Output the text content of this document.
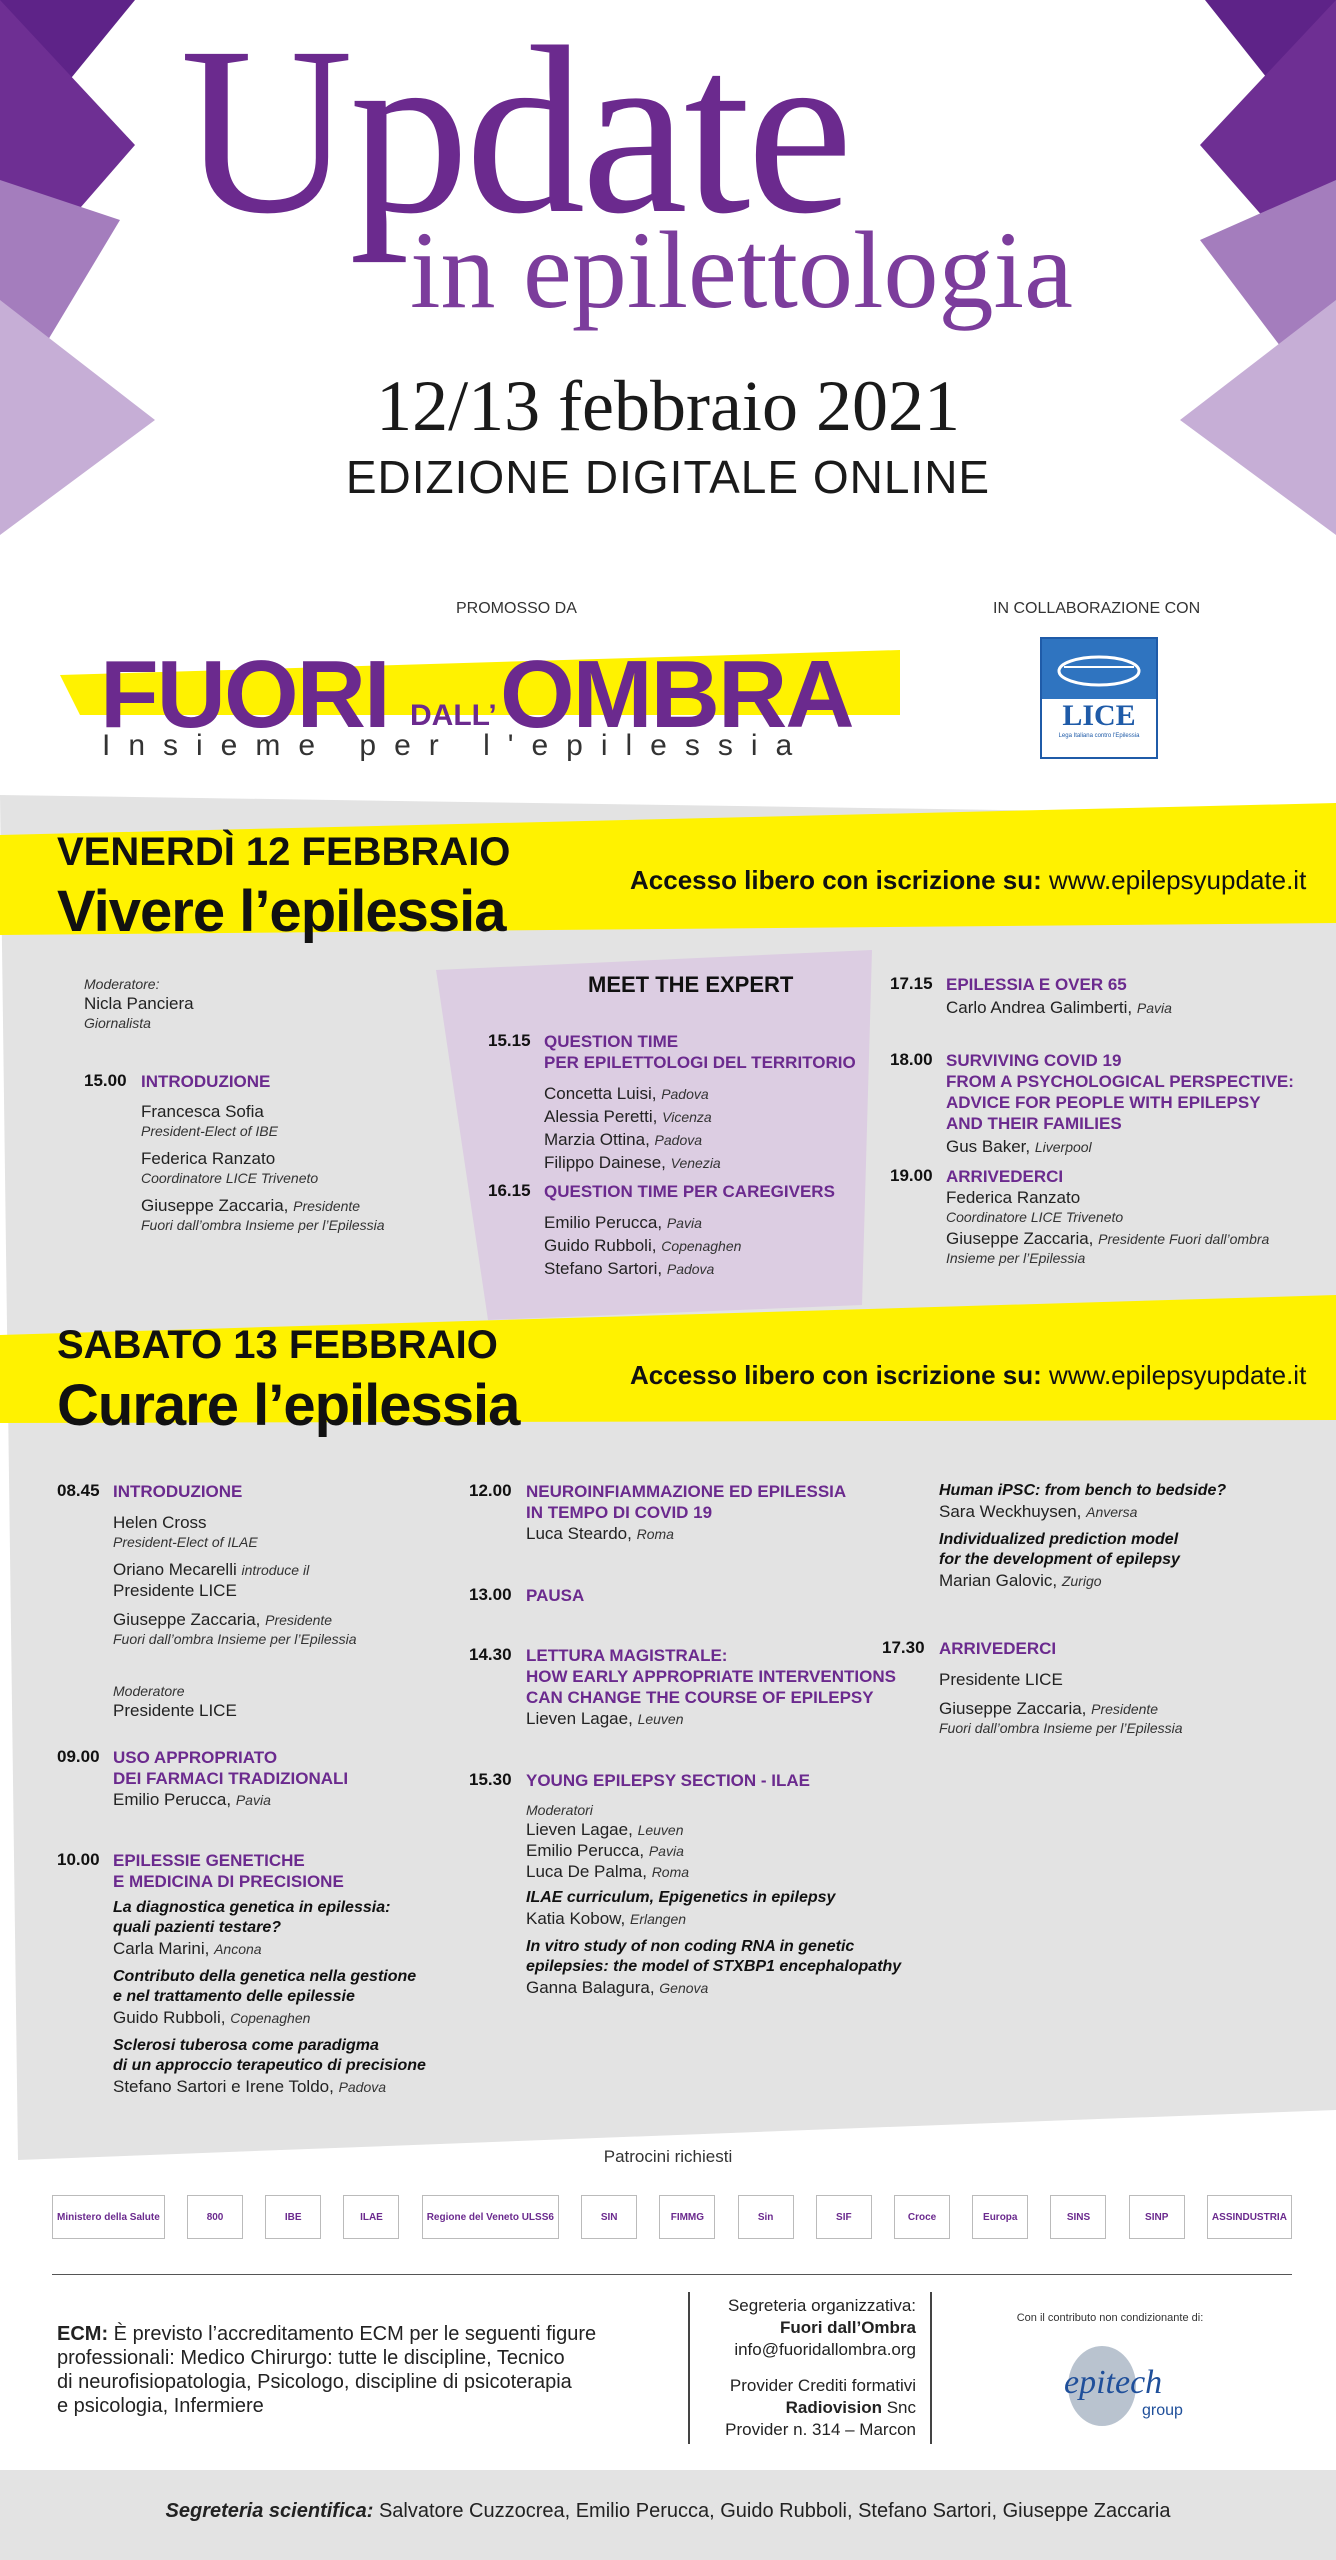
Update
in epilettologia
12/13 febbraio 2021
EDIZIONE DIGITALE ONLINE
PROMOSSO DA	IN COLLABORAZIONE CON
FUORI DALL’ OMBRA
Insieme per l'epilessia
LICE
Lega Italiana contro l'Epilessia
VENERDÌ 12 FEBBRAIO
Vivere l’epilessia	Accesso libero con iscrizione su: www.epilepsyupdate.it
Moderatore:
Nicla Panciera
Giornalista
15.00 INTRODUZIONE
Francesca Sofia
President-Elect of IBE
Federica Ranzato
Coordinatore LICE Triveneto
Giuseppe Zaccaria, Presidente
Fuori dall’ombra Insieme per l’Epilessia
MEET THE EXPERT
15.15 QUESTION TIME
PER EPILETTOLOGI DEL TERRITORIO
Concetta Luisi, Padova
Alessia Peretti, Vicenza
Marzia Ottina, Padova
Filippo Dainese, Venezia
16.15 QUESTION TIME PER CAREGIVERS
Emilio Perucca, Pavia
Guido Rubboli, Copenaghen
Stefano Sartori, Padova
17.15 EPILESSIA E OVER 65
Carlo Andrea Galimberti, Pavia
18.00 SURVIVING COVID 19
FROM A PSYCHOLOGICAL PERSPECTIVE:
ADVICE FOR PEOPLE WITH EPILEPSY
AND THEIR FAMILIES
Gus Baker, Liverpool
19.00 ARRIVEDERCI
Federica Ranzato
Coordinatore LICE Triveneto
Giuseppe Zaccaria, Presidente Fuori dall’ombra
Insieme per l’Epilessia
SABATO 13 FEBBRAIO
Curare l’epilessia	Accesso libero con iscrizione su: www.epilepsyupdate.it
08.45 INTRODUZIONE
Helen Cross
President-Elect of ILAE
Oriano Mecarelli introduce il
Presidente LICE
Giuseppe Zaccaria, Presidente
Fuori dall’ombra Insieme per l’Epilessia
Moderatore
Presidente LICE
09.00 USO APPROPRIATO
DEI FARMACI TRADIZIONALI
Emilio Perucca, Pavia
10.00 EPILESSIE GENETICHE
E MEDICINA DI PRECISIONE
La diagnostica genetica in epilessia:
quali pazienti testare?
Carla Marini, Ancona
Contributo della genetica nella gestione
e nel trattamento delle epilessie
Guido Rubboli, Copenaghen
Sclerosi tuberosa come paradigma
di un approccio terapeutico di precisione
Stefano Sartori e Irene Toldo, Padova
12.00 NEUROINFIAMMAZIONE ED EPILESSIA
IN TEMPO DI COVID 19
Luca Steardo, Roma
13.00 PAUSA
14.30 LETTURA MAGISTRALE:
HOW EARLY APPROPRIATE INTERVENTIONS
CAN CHANGE THE COURSE OF EPILEPSY
Lieven Lagae, Leuven
15.30 YOUNG EPILEPSY SECTION - ILAE
Moderatori
Lieven Lagae, Leuven
Emilio Perucca, Pavia
Luca De Palma, Roma
ILAE curriculum, Epigenetics in epilepsy
Katia Kobow, Erlangen
In vitro study of non coding RNA in genetic
epilepsies: the model of STXBP1 encephalopathy
Ganna Balagura, Genova
Human iPSC: from bench to bedside?
Sara Weckhuysen, Anversa
Individualized prediction model
for the development of epilepsy
Marian Galovic, Zurigo
17.30 ARRIVEDERCI
Presidente LICE
Giuseppe Zaccaria, Presidente
Fuori dall’ombra Insieme per l’Epilessia
Patrocini richiesti
Ministero della Salute	800	IBE	ILAE	Regione del Veneto ULSS6	SIN	FIMMG	Sin	SIF	Croce	Europa	SINS	SINP	ASSINDUSTRIA
ECM: È previsto l’accreditamento ECM per le seguenti figure
professionali: Medico Chirurgo: tutte le discipline, Tecnico
di neurofisiopatologia, Psicologo, discipline di psicoterapia
e psicologia, Infermiere
Segreteria organizzativa:
Fuori dall’Ombra
info@fuoridallombra.org
Provider Crediti formativi
Radiovision Snc
Provider n. 314 – Marcon
Con il contributo non condizionante di:
epitech
group
Segreteria scientifica: Salvatore Cuzzocrea, Emilio Perucca, Guido Rubboli, Stefano Sartori, Giuseppe Zaccaria
